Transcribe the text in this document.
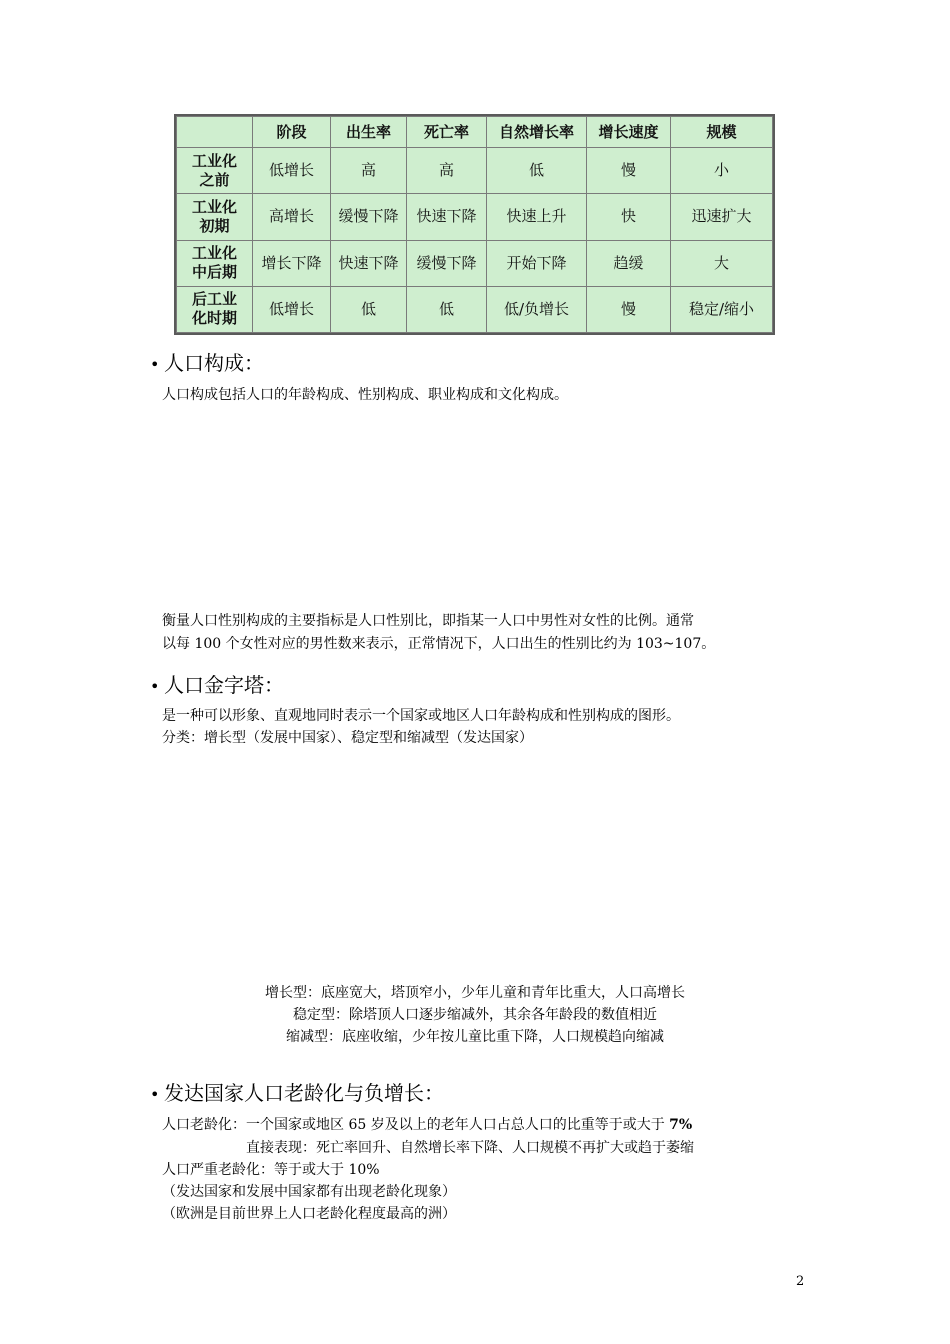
	阶段	出生率	死亡率	自然增长率	增长速度	规模
工业化
之前	低增长	高	高	低	慢	小
工业化
初期	高增长	缓慢下降	快速下降	快速上升	快	迅速扩大
工业化
中后期	增长下降	快速下降	缓慢下降	开始下降	趋缓	大
后工业
化时期	低增长	低	低	低/负增长	慢	稳定/缩小
• 人口构成：
人口构成包括人口的年龄构成、性别构成、职业构成和文化构成。
衡量人口性别构成的主要指标是人口性别比，即指某一人口中男性对女性的比例。通常
以每 100 个女性对应的男性数来表示，正常情况下，人口出生的性别比约为 103~107。
• 人口金字塔：
是一种可以形象、直观地同时表示一个国家或地区人口年龄构成和性别构成的图形。
分类：增长型（发展中国家）、稳定型和缩减型（发达国家）
增长型：底座宽大，塔顶窄小，少年儿童和青年比重大，人口高增长
稳定型：除塔顶人口逐步缩减外，其余各年龄段的数值相近
缩减型：底座收缩，少年按儿童比重下降，人口规模趋向缩减
• 发达国家人口老龄化与负增长：
人口老龄化：一个国家或地区 65 岁及以上的老年人口占总人口的比重等于或大于 7%
直接表现：死亡率回升、自然增长率下降、人口规模不再扩大或趋于萎缩
人口严重老龄化：等于或大于 10%
（发达国家和发展中国家都有出现老龄化现象）
（欧洲是目前世界上人口老龄化程度最高的洲）
2
